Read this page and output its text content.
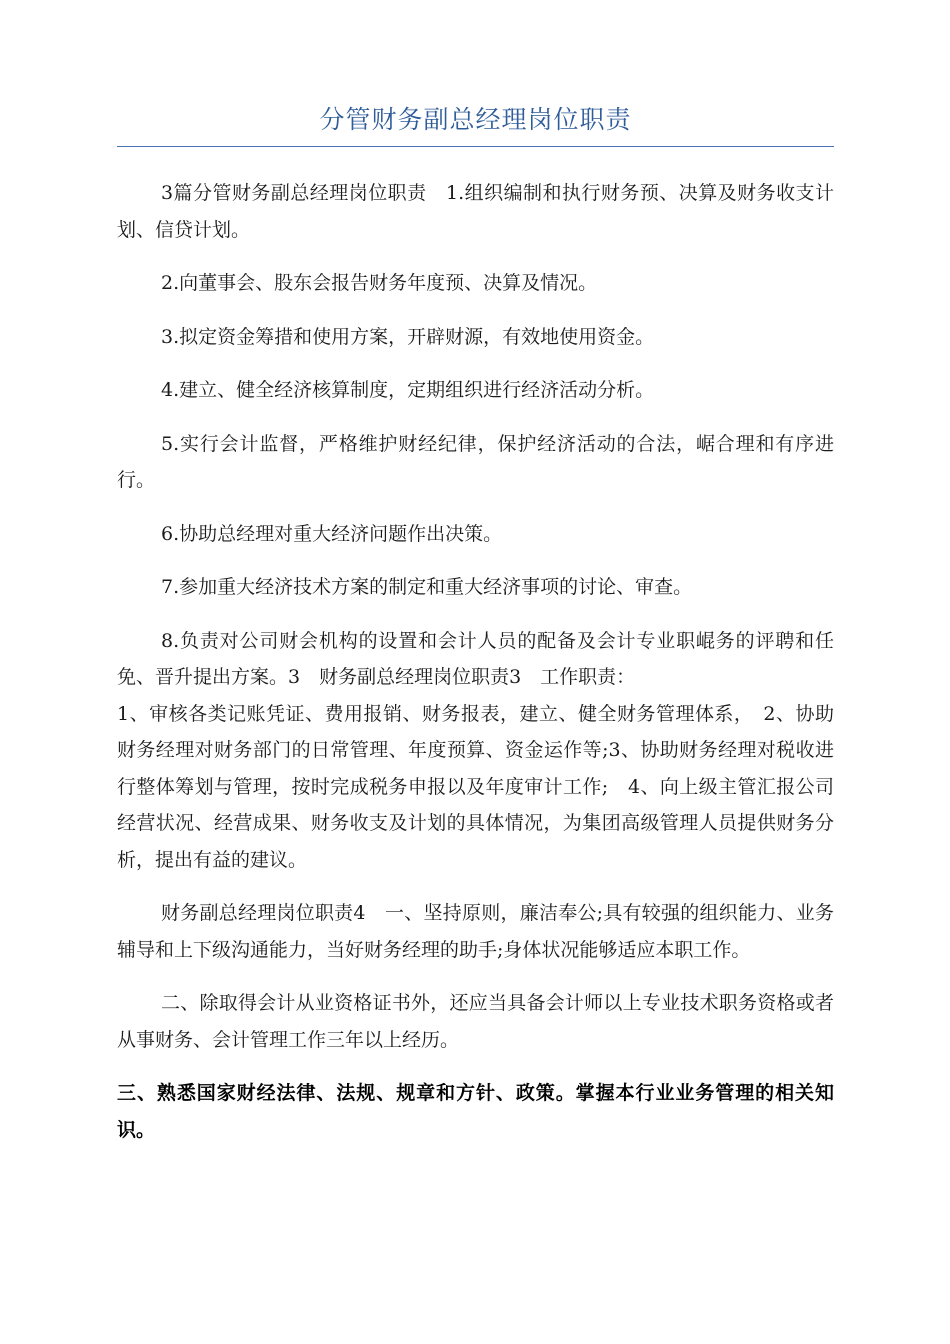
分管财务副总经理岗位职责

3篇分管财务副总经理岗位职责　1.组织编制和执行财务预、决算及财务收支计划、信贷计划。

2.向董事会、股东会报告财务年度预、决算及情况。

3.拟定资金筹措和使用方案，开辟财源，有效地使用资金。

4.建立、健全经济核算制度，定期组织进行经济活动分析。

5.实行会计监督，严格维护财经纪律，保护经济活动的合法，崌合理和有序进行。

6.协助总经理对重大经济问题作出决策。

7.参加重大经济技术方案的制定和重大经济事项的讨论、审查。

8.负责对公司财会机构的设置和会计人员的配备及会计专业职崐务的评聘和任免、晋升提出方案。3　财务副总经理岗位职责3　工作职责：

1、审核各类记账凭证、费用报销、财务报表，建立、健全财务管理体系，　2、协助财务经理对财务部门的日常管理、年度预算、资金运作等;3、协助财务经理对税收进行整体筹划与管理，按时完成税务申报以及年度审计工作;　4、向上级主管汇报公司经营状况、经营成果、财务收支及计划的具体情况，为集团高级管理人员提供财务分析，提出有益的建议。

财务副总经理岗位职责4　一、坚持原则，廉洁奉公;具有较强的组织能力、业务辅导和上下级沟通能力，当好财务经理的助手;身体状况能够适应本职工作。

二、除取得会计从业资格证书外，还应当具备会计师以上专业技术职务资格或者从事财务、会计管理工作三年以上经历。

三、熟悉国家财经法律、法规、规章和方针、政策。掌握本行业业务管理的相关知识。
